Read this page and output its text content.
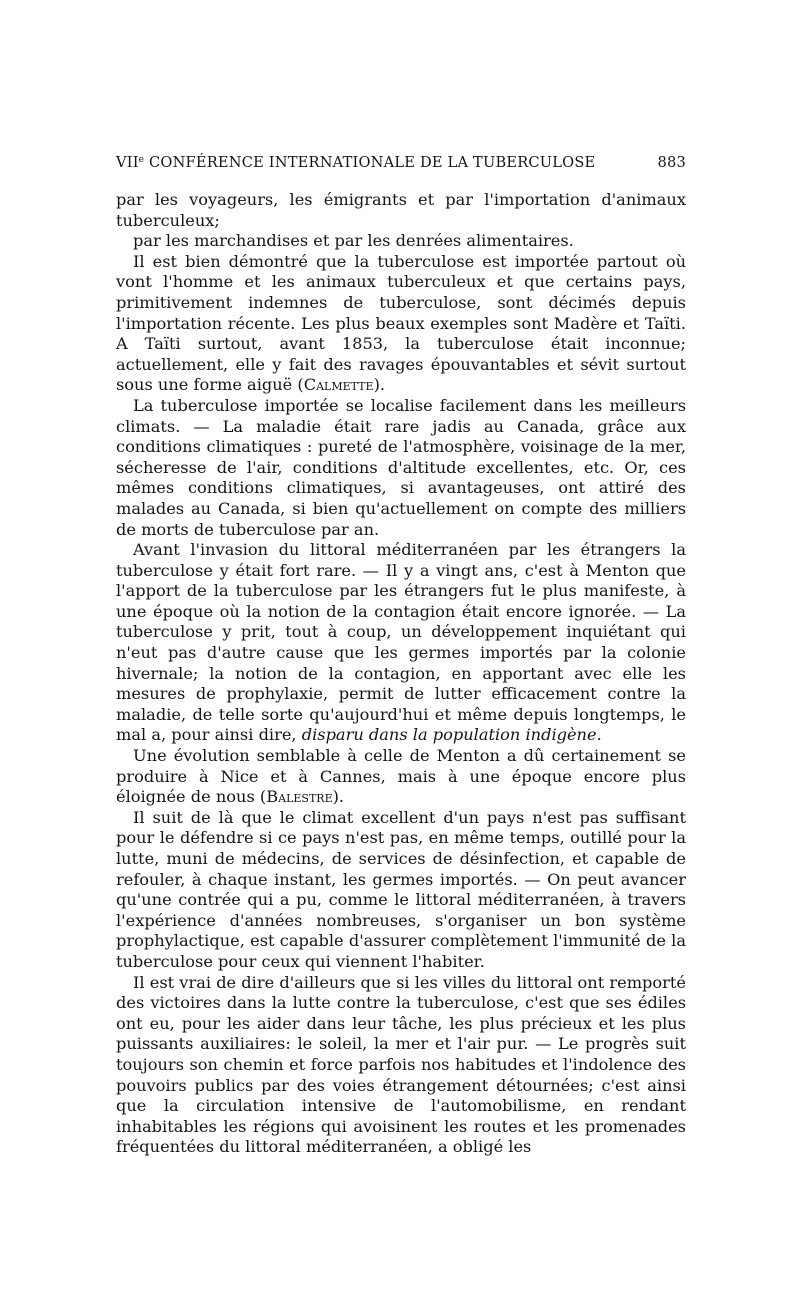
VIIe CONFÉRENCE INTERNATIONALE DE LA TUBERCULOSE	883

par les voyageurs, les émigrants et par l'importation d'animaux tuberculeux;

par les marchandises et par les denrées alimentaires.

Il est bien démontré que la tuberculose est importée partout où vont l'homme et les animaux tuberculeux et que certains pays, primitivement indemnes de tuberculose, sont décimés depuis l'importation récente. Les plus beaux exemples sont Madère et Taïti. A Taïti surtout, avant 1853, la tuberculose était inconnue; actuellement, elle y fait des ravages épouvantables et sévit surtout sous une forme aiguë (Calmette).

La tuberculose importée se localise facilement dans les meilleurs climats. — La maladie était rare jadis au Canada, grâce aux conditions climatiques : pureté de l'atmosphère, voisinage de la mer, sécheresse de l'air, conditions d'altitude excellentes, etc. Or, ces mêmes conditions climatiques, si avantageuses, ont attiré des malades au Canada, si bien qu'actuellement on compte des milliers de morts de tuberculose par an.

Avant l'invasion du littoral méditerranéen par les étrangers la tuberculose y était fort rare. — Il y a vingt ans, c'est à Menton que l'apport de la tuberculose par les étrangers fut le plus manifeste, à une époque où la notion de la contagion était encore ignorée. — La tuberculose y prit, tout à coup, un développement inquiétant qui n'eut pas d'autre cause que les germes importés par la colonie hivernale; la notion de la contagion, en apportant avec elle les mesures de prophylaxie, permit de lutter efficacement contre la maladie, de telle sorte qu'aujourd'hui et même depuis longtemps, le mal a, pour ainsi dire, disparu dans la population indigène.

Une évolution semblable à celle de Menton a dû certainement se produire à Nice et à Cannes, mais à une époque encore plus éloignée de nous (Balestre).

Il suit de là que le climat excellent d'un pays n'est pas suffisant pour le défendre si ce pays n'est pas, en même temps, outillé pour la lutte, muni de médecins, de services de désinfection, et capable de refouler, à chaque instant, les germes importés. — On peut avancer qu'une contrée qui a pu, comme le littoral méditerranéen, à travers l'expérience d'années nombreuses, s'organiser un bon système prophylactique, est capable d'assurer complètement l'immunité de la tuberculose pour ceux qui viennent l'habiter.

Il est vrai de dire d'ailleurs que si les villes du littoral ont remporté des victoires dans la lutte contre la tuberculose, c'est que ses édiles ont eu, pour les aider dans leur tâche, les plus précieux et les plus puissants auxiliaires: le soleil, la mer et l'air pur. — Le progrès suit toujours son chemin et force parfois nos habitudes et l'indolence des pouvoirs publics par des voies étrangement détournées; c'est ainsi que la circulation intensive de l'automobilisme, en rendant inhabitables les régions qui avoisinent les routes et les promenades fréquentées du littoral méditerranéen, a obligé les
